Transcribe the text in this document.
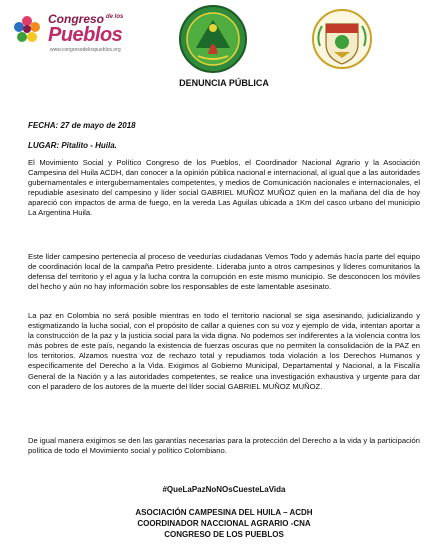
Congreso de los
Pueblos
www.congresodelospueblos.org
DENUNCIA PÚBLICA
FECHA: 27 de mayo de 2018
LUGAR: Pitalito - Huila.

El Movimiento Social y Político Congreso de los Pueblos, el Coordinador Nacional Agrario y la Asociación Campesina del Huila ACDH, dan conocer a la opinión pública nacional e internacional, al igual que a las autoridades gubernamentales e intergubernamentales competentes, y medios de Comunicación nacionales e internacionales, el repudiable asesinato del campesino y líder social GABRIEL MUÑOZ MUÑOZ quien en la mañana del día de hoy apareció con impactos de arma de fuego, en la vereda Las Aguilas ubicada a 1Km del casco urbano del municipio La Argentina Huila.

Este líder campesino pertenecía al proceso de veedurías ciudadanas Vemos Todo y además hacía parte del equipo de coordinación local de la campaña Petro presidente. Lideraba junto a otros campesinos y líderes comunitarios la defensa del territorio y el agua y la lucha contra la corrupción en este mismo municipio. Se desconocen los móviles del hecho y aún no hay información sobre los responsables de este lamentable asesinato.

La paz en Colombia no será posible mientras en todo el territorio nacional se siga asesinando, judicializando y estigmatizando la lucha social, con el propósito de callar a quienes con su voz y ejemplo de vida, intentan aportar a la construcción de la paz y la justicia social para la vida digna. No podemos ser indiferentes a la violencia contra los más pobres de este país, negando la existencia de fuerzas oscuras que no permiten la consolidación de la PAZ en los territorios. Alzamos nuestra voz de rechazo total y repudiamos toda violación a los Derechos Humanos y específicamente del Derecho a la Vida. Exigimos al Gobierno Municipal, Departamental y Nacional, a la Fiscalía General de la Nación y a las autoridades competentes, se realice una investigación exhaustiva y urgente para dar con el paradero de los autores de la muerte del líder social GABRIEL MUÑOZ MUÑOZ.

De igual manera exigimos se den las garantías necesarias para la protección del Derecho a la vida y la participación política de todo el Movimiento social y político Colombiano.

#QueLaPazNoNOsCuesteLaVida
ASOCIACIÓN CAMPESINA DEL HUILA – ACDH
COORDINADOR NACCIONAL AGRARIO -CNA
CONGRESO DE LOS PUEBLOS
